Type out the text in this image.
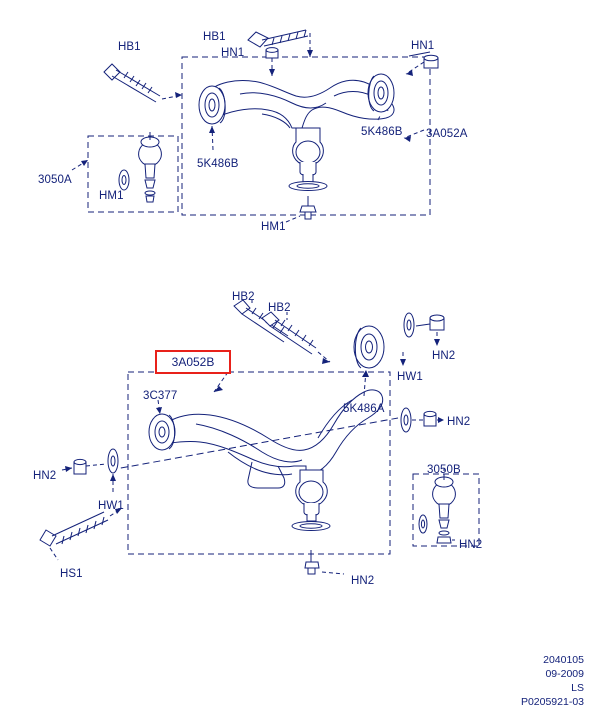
HB1
HB1
HN1
HN1
5K486B 3A052A
5K486B
3050A
HM1
HM1
HB2
HB2
HN2
HW1
3C377
5K486A
HN2
HN2	3050B
HW1
HN2
HS1
HN2
3A052B
2040105
09-2009
LS
P0205921-03
